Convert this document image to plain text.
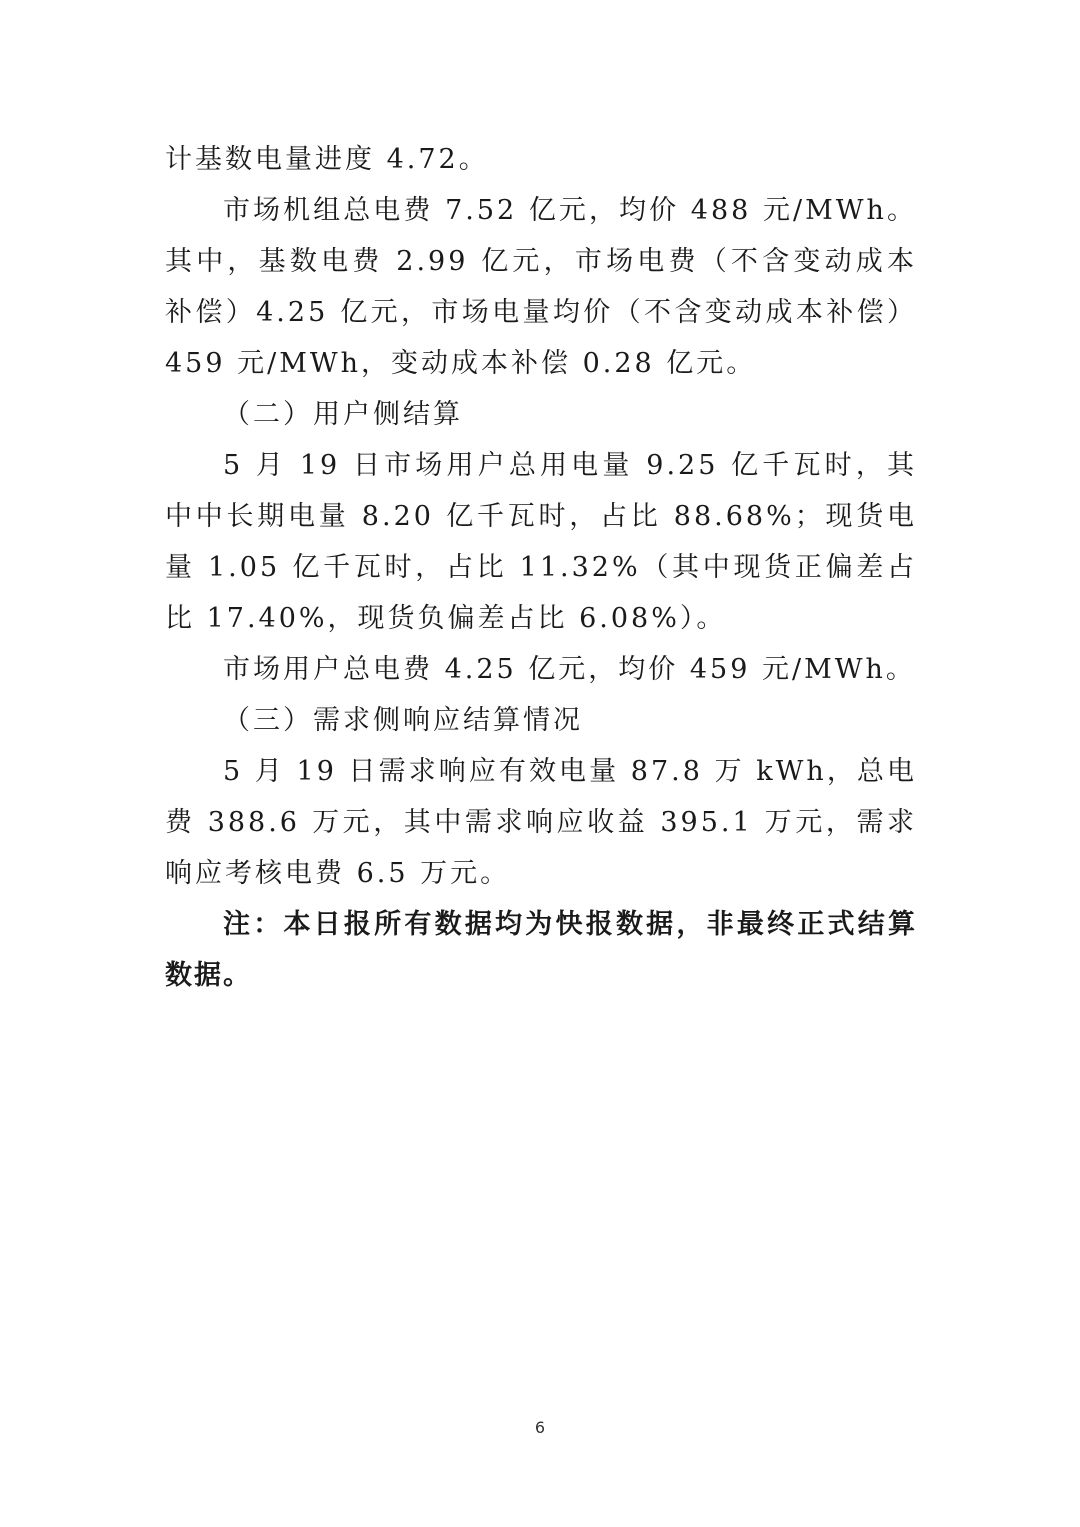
计基数电量进度 4.72。

市场机组总电费 7.52 亿元，均价 488 元/MWh。其中，基数电费 2.99 亿元，市场电费（不含变动成本补偿）4.25 亿元，市场电量均价（不含变动成本补偿）459 元/MWh，变动成本补偿 0.28 亿元。

（二）用户侧结算

5 月 19 日市场用户总用电量 9.25 亿千瓦时，其中中长期电量 8.20 亿千瓦时，占比 88.68%；现货电量 1.05 亿千瓦时，占比 11.32%（其中现货正偏差占比 17.40%，现货负偏差占比 6.08%）。

市场用户总电费 4.25 亿元，均价 459 元/MWh。

（三）需求侧响应结算情况

5 月 19 日需求响应有效电量 87.8 万 kWh，总电费 388.6 万元，其中需求响应收益 395.1 万元，需求响应考核电费 6.5 万元。

注：本日报所有数据均为快报数据，非最终正式结算数据。

6
